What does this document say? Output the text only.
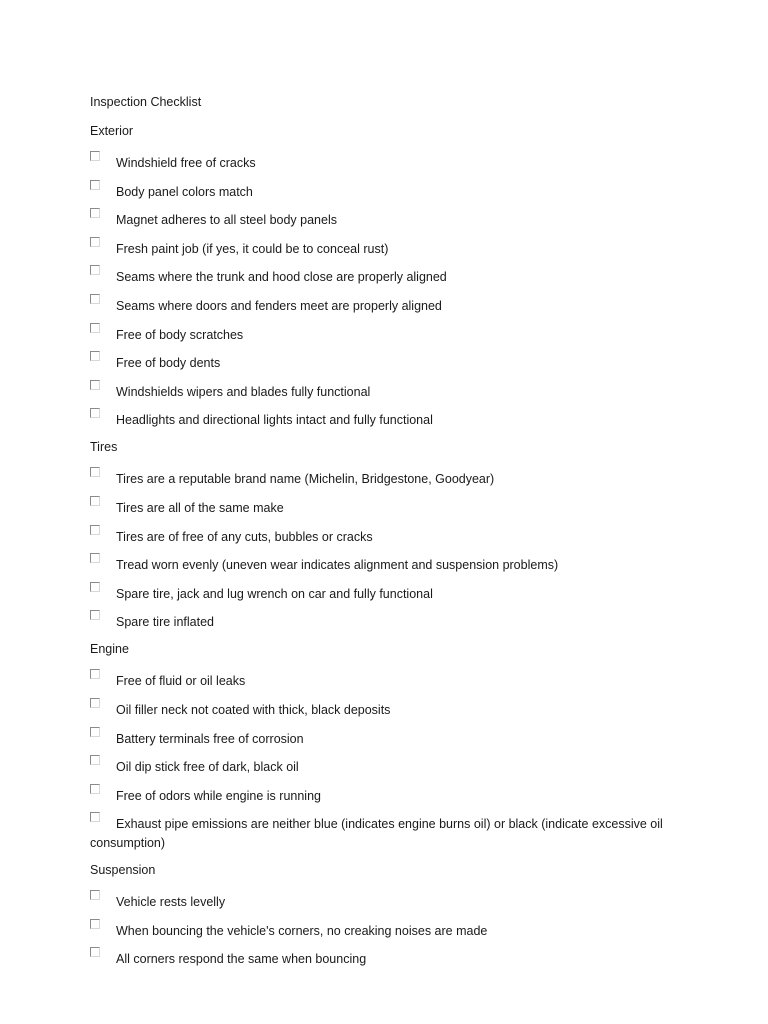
Inspection Checklist
Exterior
Windshield free of cracks
Body panel colors match
Magnet adheres to all steel body panels
Fresh paint job (if yes, it could be to conceal rust)
Seams where the trunk and hood close are properly aligned
Seams where doors and fenders meet are properly aligned
Free of body scratches
Free of body dents
Windshields wipers and blades fully functional
Headlights and directional lights intact and fully functional
Tires
Tires are a reputable brand name (Michelin, Bridgestone, Goodyear)
Tires are all of the same make
Tires are of free of any cuts, bubbles or cracks
Tread worn evenly (uneven wear indicates alignment and suspension problems)
Spare tire, jack and lug wrench on car and fully functional
Spare tire inflated
Engine
Free of fluid or oil leaks
Oil filler neck not coated with thick, black deposits
Battery terminals free of corrosion
Oil dip stick free of dark, black oil
Free of odors while engine is running
Exhaust pipe emissions are neither blue (indicates engine burns oil) or black (indicate excessive oil consumption)
Suspension
Vehicle rests levelly
When bouncing the vehicle's corners, no creaking noises are made
All corners respond the same when bouncing
